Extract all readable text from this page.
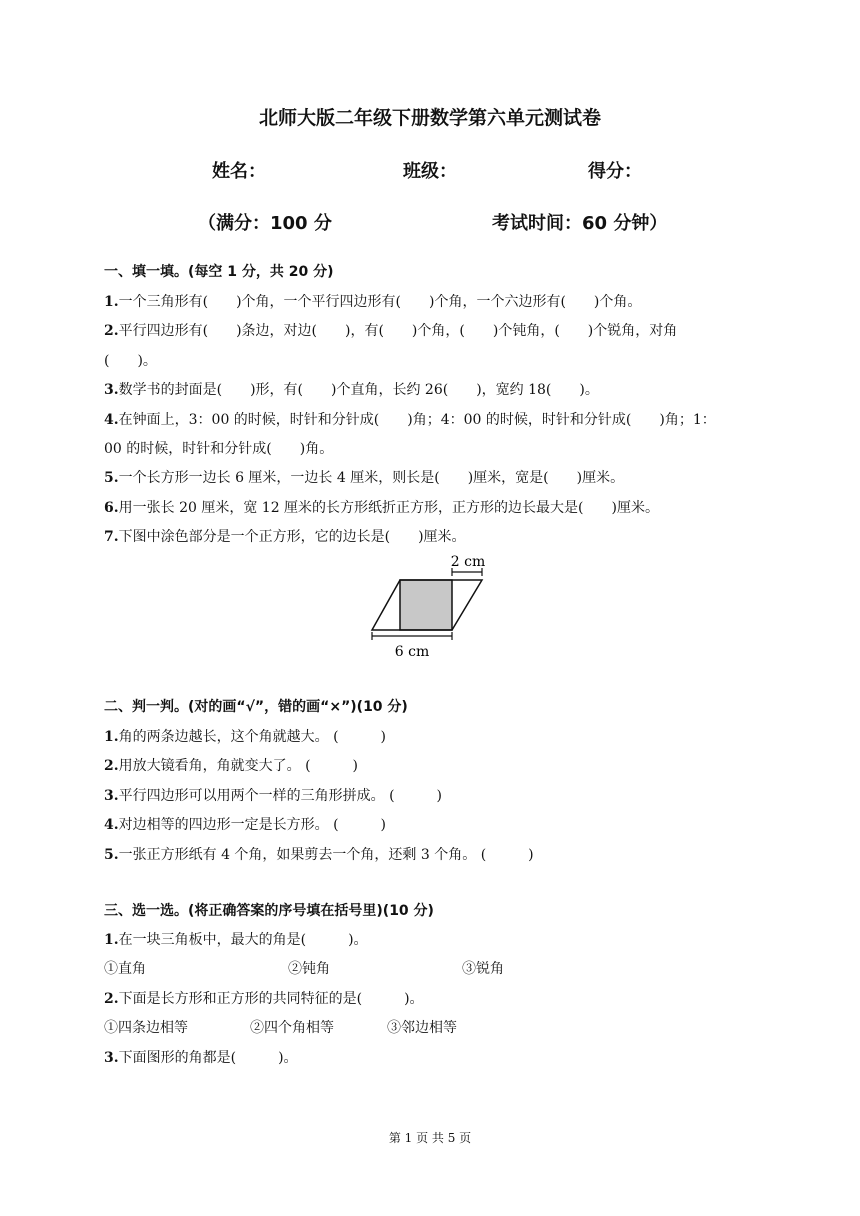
北师大版二年级下册数学第六单元测试卷
姓名：	班级：	得分：
（满分：100 分	考试时间：60 分钟）
一、填一填。(每空 1 分，共 20 分)
1.一个三角形有(　　)个角，一个平行四边形有(　　)个角，一个六边形有(　　)个角。
2.平行四边形有(　　)条边，对边(　　)，有(　　)个角，(　　)个钝角，(　　)个锐角，对角
(　　)。
3.数学书的封面是(　　)形，有(　　)个直角，长约 26(　　)，宽约 18(　　)。
4.在钟面上，3：00 的时候，时针和分针成(　　)角；4：00 的时候，时针和分针成(　　)角；1：
00 的时候，时针和分针成(　　)角。
5.一个长方形一边长 6 厘米，一边长 4 厘米，则长是(　　)厘米，宽是(　　)厘米。
6.用一张长 20 厘米，宽 12 厘米的长方形纸折正方形，正方形的边长最大是(　　)厘米。
7.下图中涂色部分是一个正方形，它的边长是(　　)厘米。
2 cm
6 cm
二、判一判。(对的画“√”，错的画“×”)(10 分)
1.角的两条边越长，这个角就越大。 (　　　)
2.用放大镜看角，角就变大了。 (　　　)
3.平行四边形可以用两个一样的三角形拼成。 (　　　)
4.对边相等的四边形一定是长方形。 (　　　)
5.一张正方形纸有 4 个角，如果剪去一个角，还剩 3 个角。 (　　　)
三、选一选。(将正确答案的序号填在括号里)(10 分)
1.在一块三角板中，最大的角是(　　　)。
①直角	②钝角	③锐角
2.下面是长方形和正方形的共同特征的是(　　　)。
①四条边相等	②四个角相等	③邻边相等
3.下面图形的角都是(　　　)。
第 1 页 共 5 页
